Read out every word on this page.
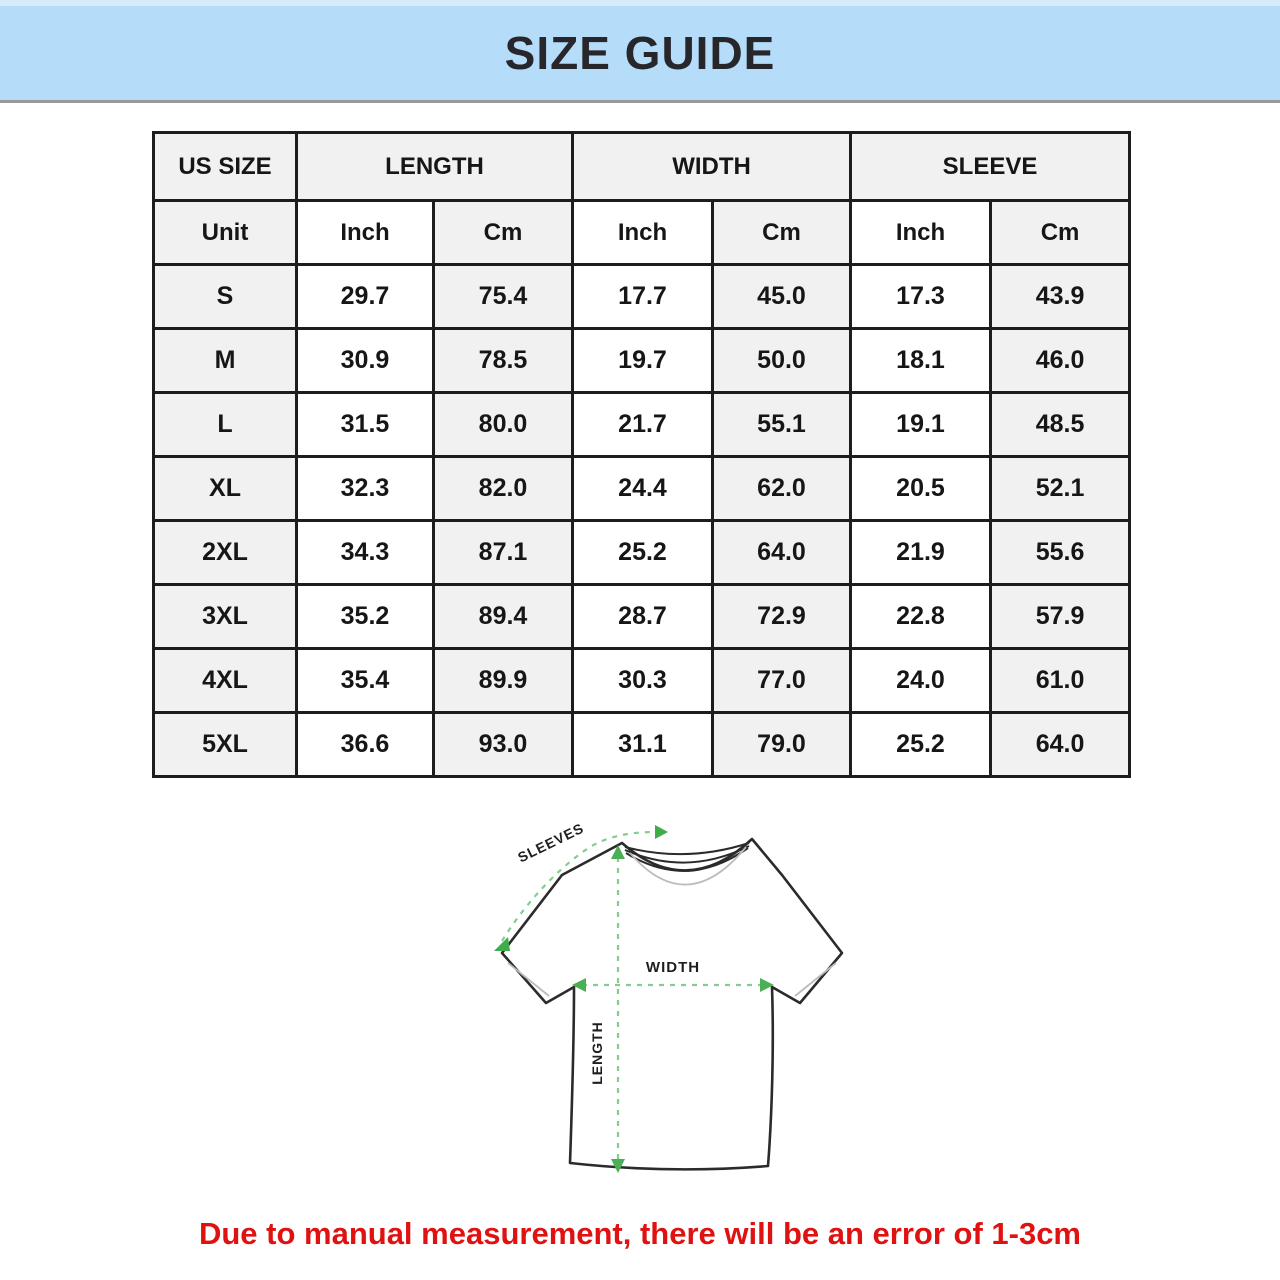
SIZE GUIDE
US SIZE	LENGTH		WIDTH		SLEEVE	
Unit	Inch	Cm	Inch	Cm	Inch	Cm
S	29.7	75.4	17.7	45.0	17.3	43.9
M	30.9	78.5	19.7	50.0	18.1	46.0
L	31.5	80.0	21.7	55.1	19.1	48.5
XL	32.3	82.0	24.4	62.0	20.5	52.1
2XL	34.3	87.1	25.2	64.0	21.9	55.6
3XL	35.2	89.4	28.7	72.9	22.8	57.9
4XL	35.4	89.9	30.3	77.0	24.0	61.0
5XL	36.6	93.0	31.1	79.0	25.2	64.0
LENGTH
WIDTH
SLEEVES
Due to manual measurement, there will be an error of 1-3cm
